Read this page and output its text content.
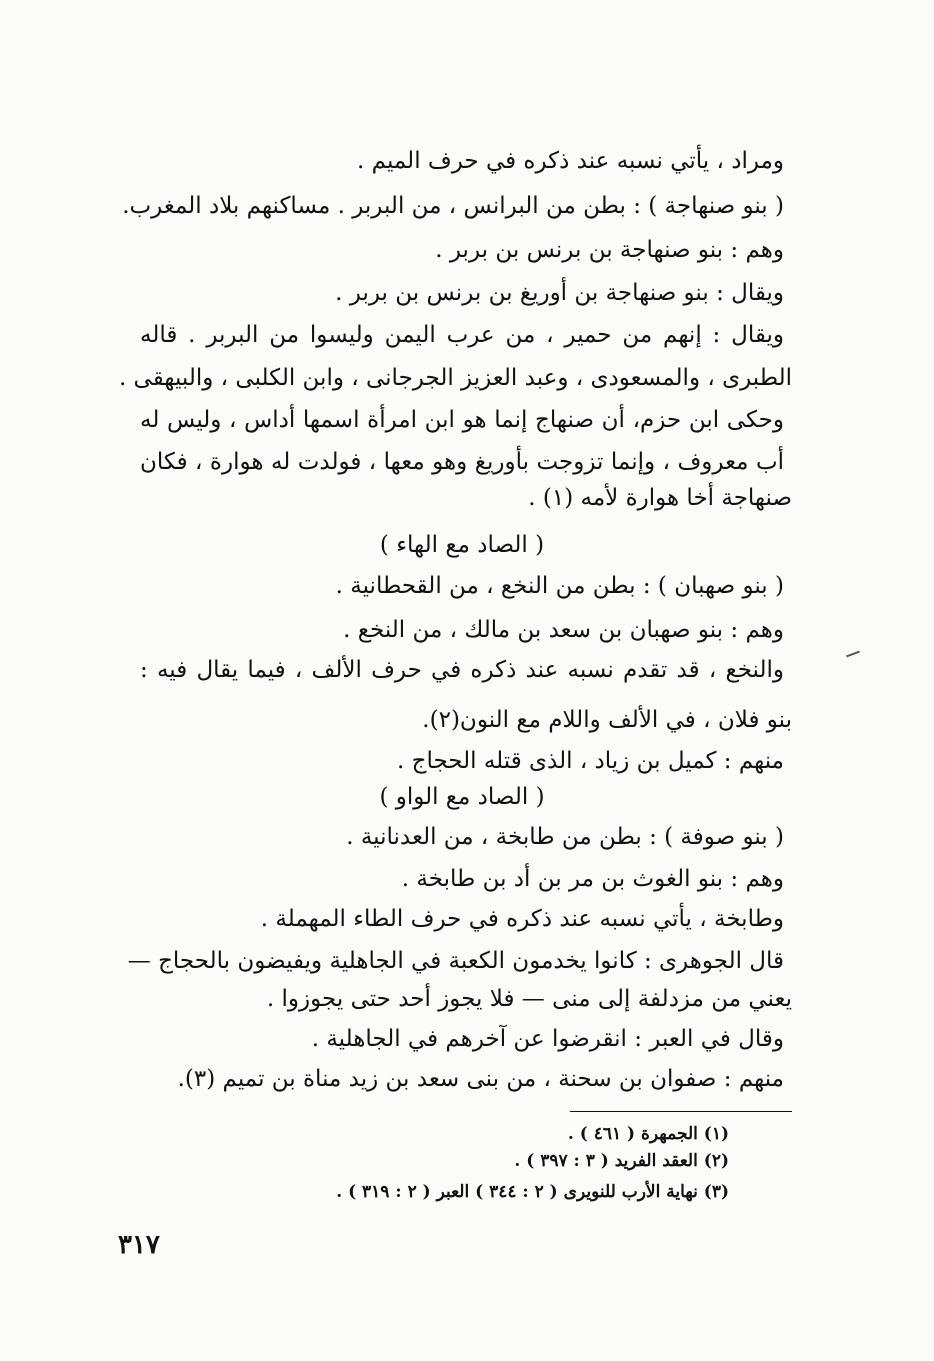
ومراد ، يأتي نسبه عند ذكره في حرف الميم .
( بنو صنهاجة ) : بطن من البرانس ، من البربر . مساكنهم بلاد المغرب.
وهم : بنو صنهاجة بن برنس بن بربر .
ويقال : بنو صنهاجة بن أوريغ بن برنس بن بربر .
ويقال : إنهم من حمير ، من عرب اليمن وليسوا من البربر . قاله
الطبرى ، والمسعودى ، وعبد العزيز الجرجانى ، وابن الكلبى ، والبيهقى .
وحكى ابن حزم، أن صنهاج إنما هو ابن امرأة اسمها أداس ، وليس له
أب معروف ، وإنما تزوجت بأوريغ وهو معها ، فولدت له هوارة ، فكان
صنهاجة أخا هوارة لأمه (١) .
( الصاد مع الهاء )
( بنو صهبان ) : بطن من النخع ، من القحطانية .
وهم : بنو صهبان بن سعد بن مالك ، من النخع .
والنخع ، قد تقدم نسبه عند ذكره في حرف الألف ، فيما يقال فيه :
بنو فلان ، في الألف واللام مع النون(٢).
منهم : كميل بن زياد ، الذى قتله الحجاج .
( الصاد مع الواو )
( بنو صوفة ) : بطن من طابخة ، من العدنانية .
وهم : بنو الغوث بن مر بن أد بن طابخة .
وطابخة ، يأتي نسبه عند ذكره في حرف الطاء المهملة .
قال الجوهرى : كانوا يخدمون الكعبة في الجاهلية ويفيضون بالحجاج —
يعني من مزدلفة إلى منى — فلا يجوز أحد حتى يجوزوا .
وقال في العبر : انقرضوا عن آخرهم في الجاهلية .
منهم : صفوان بن سحنة ، من بنى سعد بن زيد مناة بن تميم (٣).
(١) الجمهرة ( ٤٦١ ) .
(٢) العقد الفريد ( ٣ : ٣٩٧ ) .
(٣) نهاية الأرب للنويرى ( ٢ : ٣٤٤ ) العبر ( ٢ : ٣١٩ ) .
٣١٧
